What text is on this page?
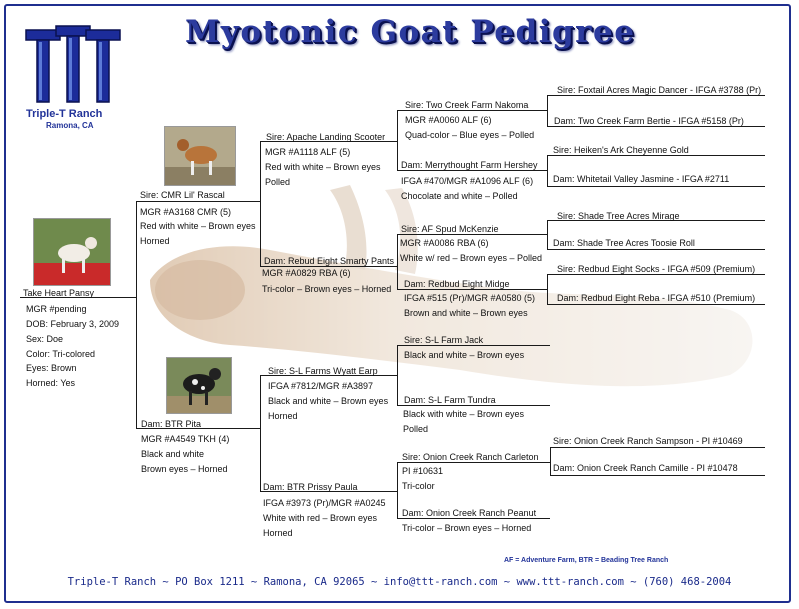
Myotonic Goat Pedigree
Triple-T Ranch
Ramona, CA
Take Heart Pansy
MGR #pending
DOB: February 3, 2009
Sex: Doe
Color: Tri-colored
Eyes: Brown
Horned: Yes
Sire: CMR Lil' Rascal
MGR #A3168 CMR (5)
Red with white – Brown eyes
Horned
Dam: BTR Pita
MGR #A4549 TKH (4)
Black and white
Brown eyes – Horned
Sire: Apache Landing Scooter
MGR #A1118 ALF (5)
Red with white – Brown eyes
Polled
Dam: Rebud Eight Smarty Pants
MGR #A0829 RBA (6)
Tri-color – Brown eyes – Horned
Sire: S-L Farms Wyatt Earp
IFGA #7812/MGR #A3897
Black and white – Brown eyes
Horned
Dam: BTR Prissy Paula
IFGA #3973 (Pr)/MGR #A0245
White with red – Brown eyes
Horned
Sire: Two Creek Farm Nakoma
MGR #A0060 ALF (6)
Quad-color – Blue eyes – Polled
Dam: Merrythought Farm Hershey
IFGA #470/MGR #A1096 ALF (6)
Chocolate and white – Polled
Sire: AF Spud McKenzie
MGR #A0086 RBA (6)
White w/ red – Brown eyes – Polled
Dam: Redbud Eight Midge
IFGA #515 (Pr)/MGR #A0580 (5)
Brown and white – Brown eyes
Sire: S-L Farm Jack
Black and white – Brown eyes
Dam: S-L Farm Tundra
Black with white – Brown eyes
Polled
Sire: Onion Creek Ranch Carleton
PI #10631
Tri-color
Dam: Onion Creek Ranch Peanut
Tri-color – Brown eyes – Horned
Sire: Foxtail Acres Magic Dancer - IFGA #3788 (Pr)
Dam: Two Creek Farm Bertie - IFGA #5158 (Pr)
Sire: Heiken's Ark Cheyenne Gold
Dam: Whitetail Valley Jasmine - IFGA #2711
Sire: Shade Tree Acres Mirage
Dam: Shade Tree Acres Toosie Roll
Sire: Redbud Eight Socks - IFGA #509 (Premium)
Dam: Redbud Eight Reba - IFGA #510 (Premium)
Sire: Onion Creek Ranch Sampson - PI #10469
Dam: Onion Creek Ranch Camille - PI #10478
AF = Adventure Farm, BTR = Beading Tree Ranch
Triple-T Ranch ~ PO Box 1211 ~ Ramona, CA 92065 ~ info@ttt-ranch.com ~ www.ttt-ranch.com ~ (760) 468-2004
